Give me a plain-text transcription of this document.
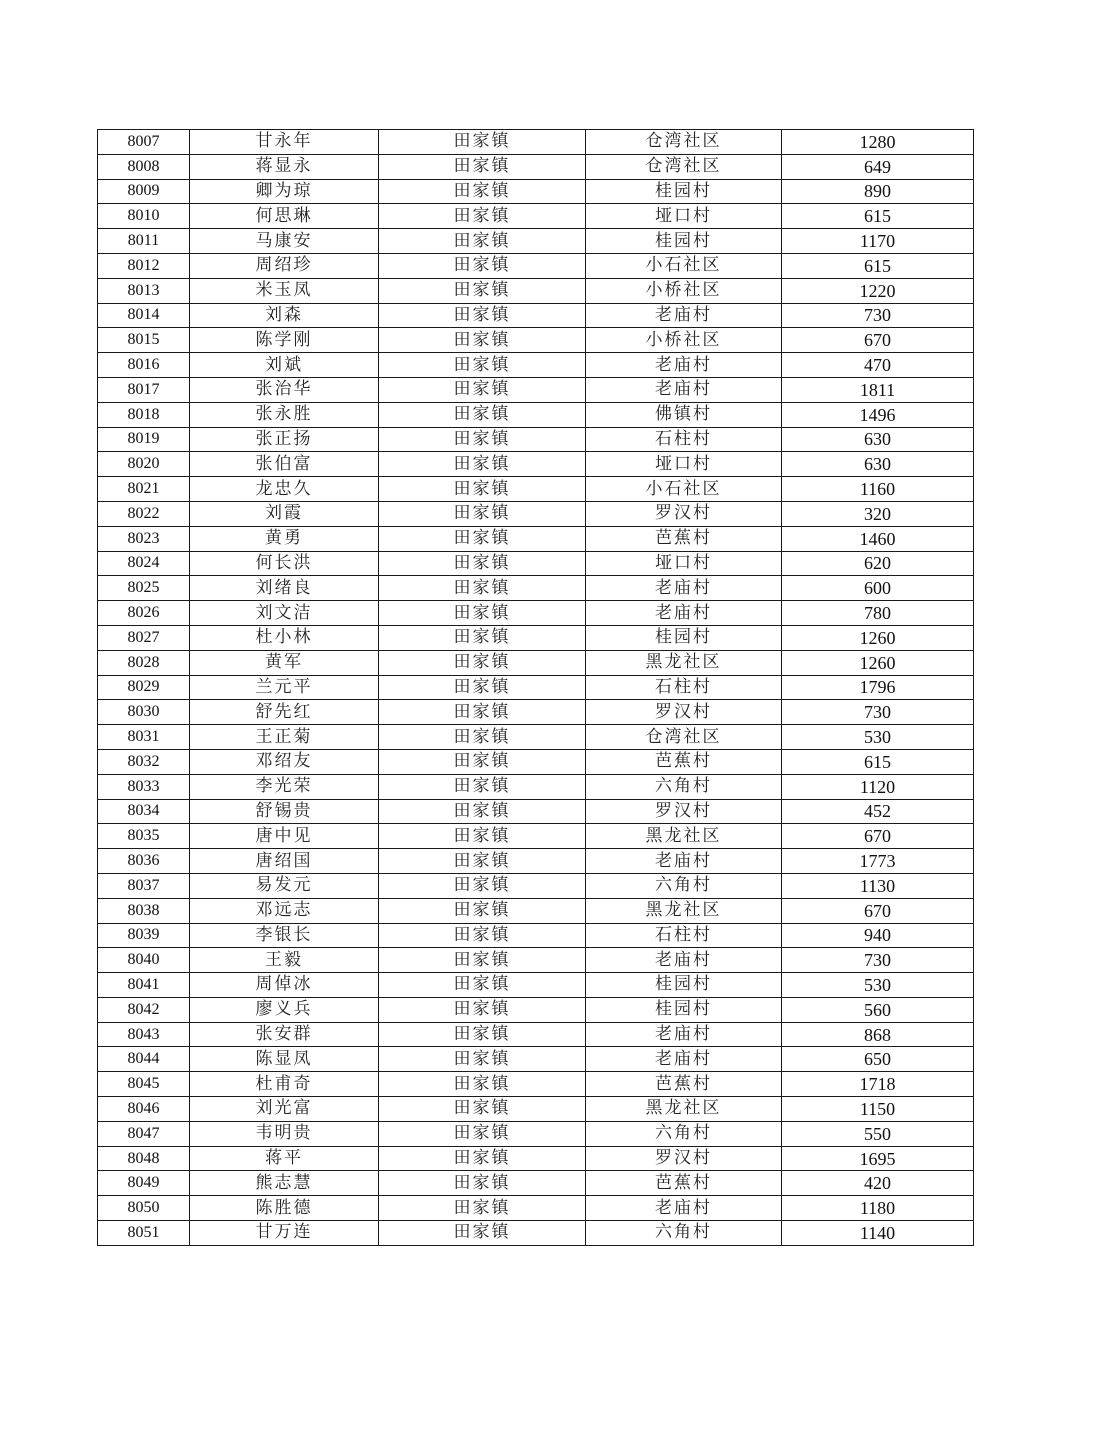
8007	甘永年	田家镇	仓湾社区	1280
8008	蒋显永	田家镇	仓湾社区	649
8009	卿为琼	田家镇	桂园村	890
8010	何思琳	田家镇	垭口村	615
8011	马康安	田家镇	桂园村	1170
8012	周绍珍	田家镇	小石社区	615
8013	米玉凤	田家镇	小桥社区	1220
8014	刘森	田家镇	老庙村	730
8015	陈学刚	田家镇	小桥社区	670
8016	刘斌	田家镇	老庙村	470
8017	张治华	田家镇	老庙村	1811
8018	张永胜	田家镇	佛镇村	1496
8019	张正扬	田家镇	石柱村	630
8020	张伯富	田家镇	垭口村	630
8021	龙忠久	田家镇	小石社区	1160
8022	刘霞	田家镇	罗汉村	320
8023	黄勇	田家镇	芭蕉村	1460
8024	何长洪	田家镇	垭口村	620
8025	刘绪良	田家镇	老庙村	600
8026	刘文洁	田家镇	老庙村	780
8027	杜小林	田家镇	桂园村	1260
8028	黄军	田家镇	黑龙社区	1260
8029	兰元平	田家镇	石柱村	1796
8030	舒先红	田家镇	罗汉村	730
8031	王正菊	田家镇	仓湾社区	530
8032	邓绍友	田家镇	芭蕉村	615
8033	李光荣	田家镇	六角村	1120
8034	舒锡贵	田家镇	罗汉村	452
8035	唐中见	田家镇	黑龙社区	670
8036	唐绍国	田家镇	老庙村	1773
8037	易发元	田家镇	六角村	1130
8038	邓远志	田家镇	黑龙社区	670
8039	李银长	田家镇	石柱村	940
8040	王毅	田家镇	老庙村	730
8041	周倬冰	田家镇	桂园村	530
8042	廖义兵	田家镇	桂园村	560
8043	张安群	田家镇	老庙村	868
8044	陈显凤	田家镇	老庙村	650
8045	杜甫奇	田家镇	芭蕉村	1718
8046	刘光富	田家镇	黑龙社区	1150
8047	韦明贵	田家镇	六角村	550
8048	蒋平	田家镇	罗汉村	1695
8049	熊志慧	田家镇	芭蕉村	420
8050	陈胜德	田家镇	老庙村	1180
8051	甘万连	田家镇	六角村	1140
